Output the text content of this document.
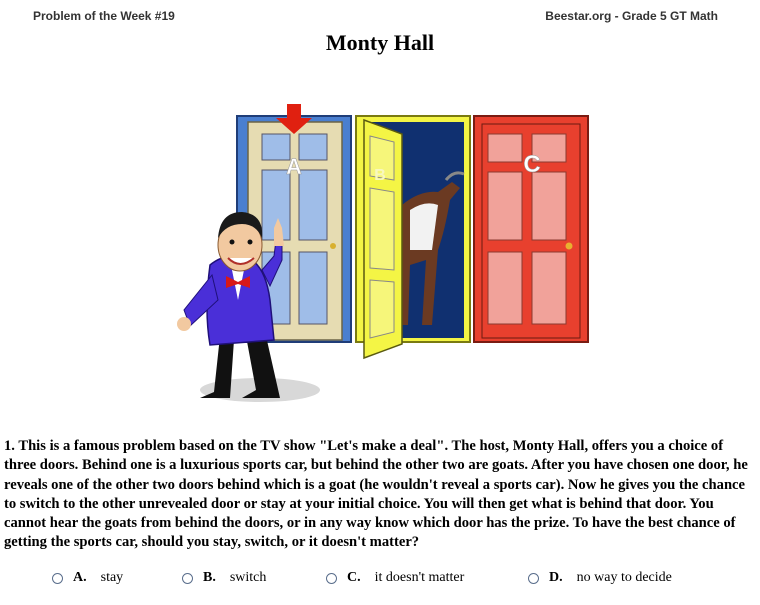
Problem of the Week #19	Beestar.org - Grade 5 GT Math
Monty Hall
A	B	C
1. This is a famous problem based on the TV show "Let's make a deal". The host, Monty Hall, offers you a choice of three doors. Behind one is a luxurious sports car, but behind the other two are goats. After you have chosen one door, he reveals one of the other two doors behind which is a goat (he wouldn't reveal a sports car). Now he gives you the chance to switch to the other unrevealed door or stay at your initial choice. You will then get what is behind that door. You cannot hear the goats from behind the doors, or in any way know which door has the prize. To have the best chance of getting the sports car, should you stay, switch, or it doesn't matter?
A. stay	B. switch	C. it doesn't matter	D. no way to decide
